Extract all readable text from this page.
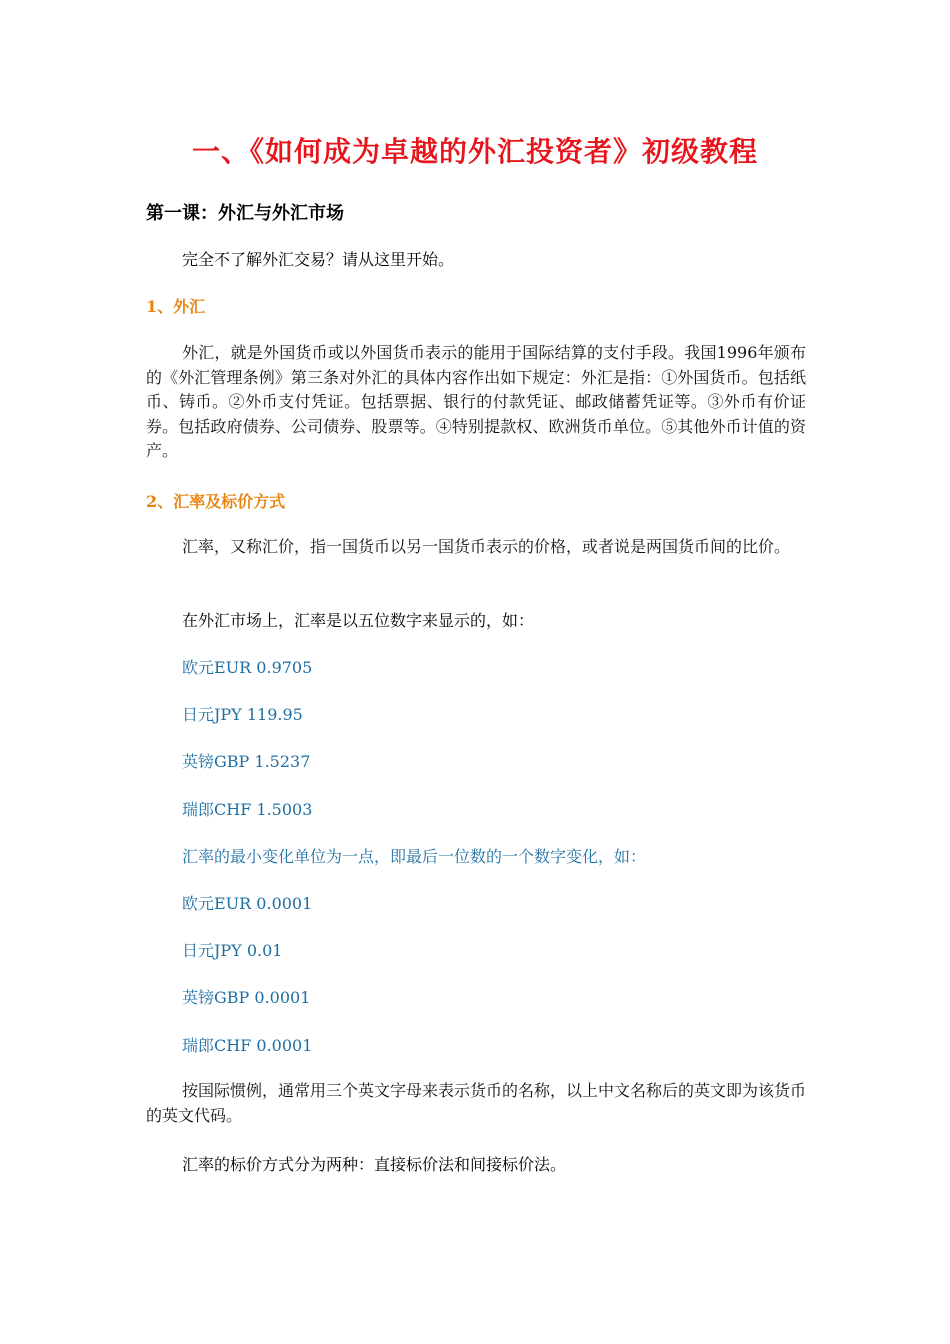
一、《如何成为卓越的外汇投资者》初级教程
第一课：外汇与外汇市场
完全不了解外汇交易？请从这里开始。
1、外汇
外汇，就是外国货币或以外国货币表示的能用于国际结算的支付手段。我国1996年颁布的《外汇管理条例》第三条对外汇的具体内容作出如下规定：外汇是指：①外国货币。包括纸币、铸币。②外币支付凭证。包括票据、银行的付款凭证、邮政储蓄凭证等。③外币有价证券。包括政府债券、公司债券、股票等。④特别提款权、欧洲货币单位。⑤其他外币计值的资产。
2、汇率及标价方式
汇率，又称汇价，指一国货币以另一国货币表示的价格，或者说是两国货币间的比价。
在外汇市场上，汇率是以五位数字来显示的，如：
欧元EUR 0.9705
日元JPY 119.95
英镑GBP 1.5237
瑞郎CHF 1.5003
汇率的最小变化单位为一点，即最后一位数的一个数字变化，如：
欧元EUR 0.0001
日元JPY 0.01
英镑GBP 0.0001
瑞郎CHF 0.0001
按国际惯例，通常用三个英文字母来表示货币的名称，以上中文名称后的英文即为该货币的英文代码。
汇率的标价方式分为两种：直接标价法和间接标价法。
